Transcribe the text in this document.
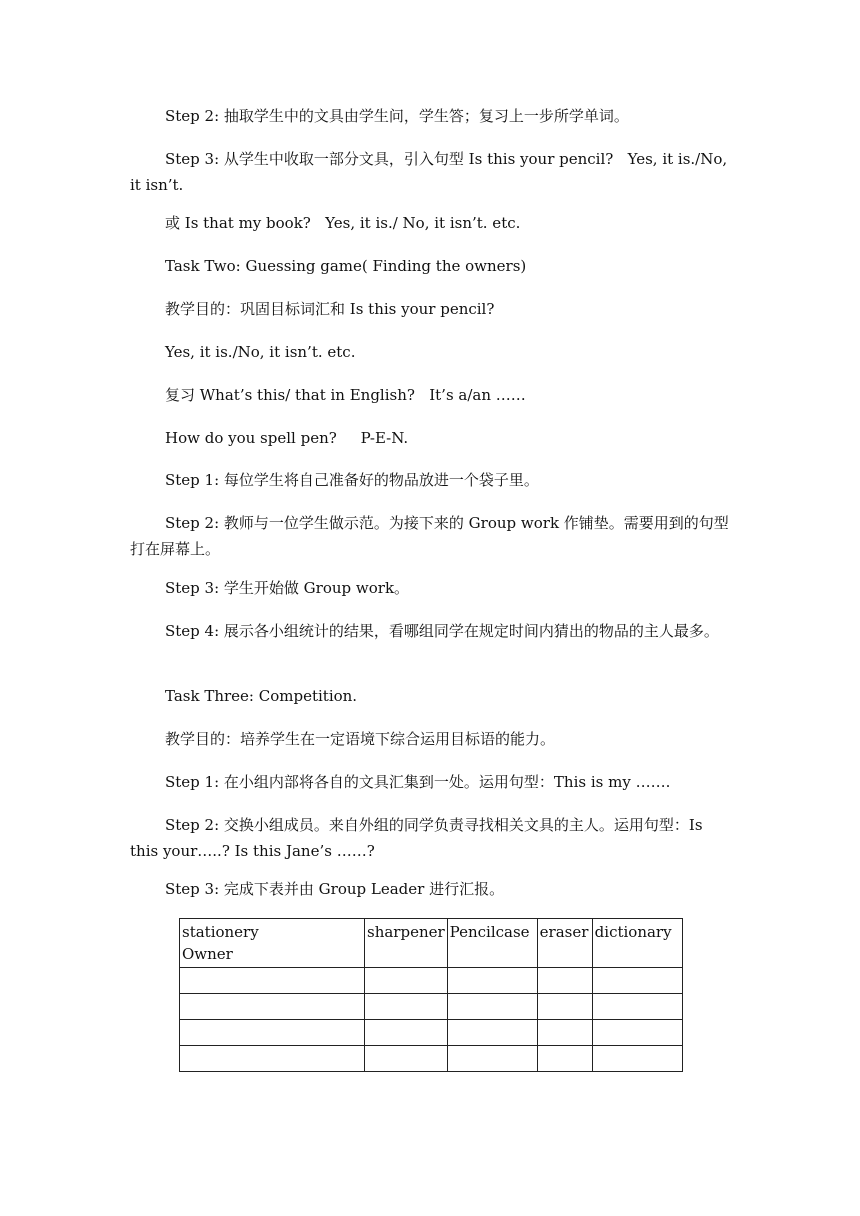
Step 2: 抽取学生中的文具由学生问，学生答；复习上一步所学单词。

Step 3: 从学生中收取一部分文具，引入句型 Is this your pencil?   Yes, it is./No, it isn’t.

或 Is that my book?   Yes, it is./ No, it isn’t. etc.

Task Two: Guessing game( Finding the owners)

教学目的：巩固目标词汇和 Is this your pencil?

Yes, it is./No, it isn’t. etc.

复习 What’s this/ that in English?   It’s a/an ……

How do you spell pen?     P-E-N.

Step 1: 每位学生将自己准备好的物品放进一个袋子里。

Step 2: 教师与一位学生做示范。为接下来的 Group work 作铺垫。需要用到的句型打在屏幕上。

Step 3: 学生开始做 Group work。

Step 4: 展示各小组统计的结果，看哪组同学在规定时间内猜出的物品的主人最多。

Task Three: Competition.

教学目的：培养学生在一定语境下综合运用目标语的能力。

Step 1: 在小组内部将各自的文具汇集到一处。运用句型：This is my …….

Step 2: 交换小组成员。来自外组的同学负责寻找相关文具的主人。运用句型：Is this your…..? Is this Jane’s ……?

Step 3: 完成下表并由 Group Leader 进行汇报。

stationery
Owner	sharpener	Pencilcase	eraser	dictionary
